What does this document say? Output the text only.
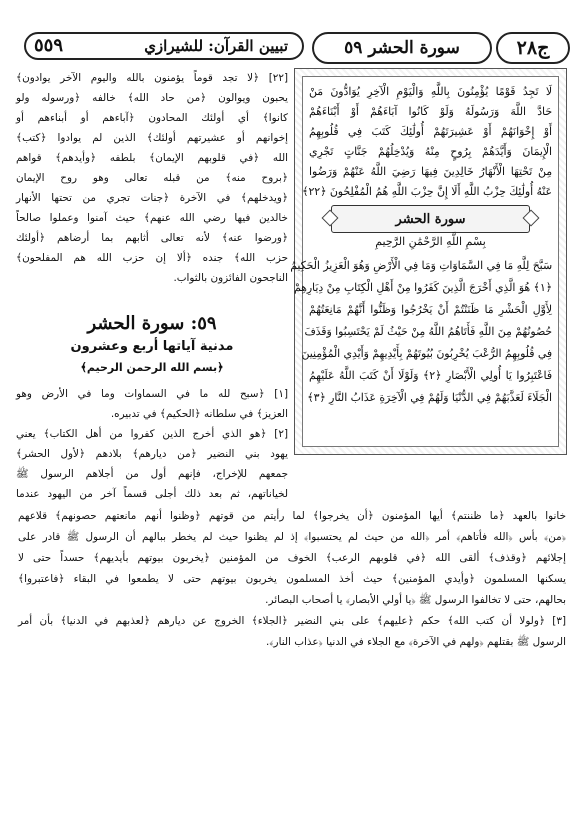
ج٢٨
سورة الحشر ٥٩
تبيين القرآن: للشيرازي
٥٥٩
لَا تَجِدُ قَوْمًا يُؤْمِنُونَ بِاللَّهِ وَالْيَوْمِ الْآخِرِ يُوَادُّونَ مَنْ
حَادَّ اللَّهَ وَرَسُولَهُ وَلَوْ كَانُوا آبَاءَهُمْ أَوْ أَبْنَاءَهُمْ
أَوْ إِخْوَانَهُمْ أَوْ عَشِيرَتَهُمْ أُولَٰئِكَ كَتَبَ فِي قُلُوبِهِمُ
الْإِيمَانَ وَأَيَّدَهُمْ بِرُوحٍ مِنْهُ وَيُدْخِلُهُمْ جَنَّاتٍ تَجْرِي
مِنْ تَحْتِهَا الْأَنْهَارُ خَالِدِينَ فِيهَا رَضِيَ اللَّهُ عَنْهُمْ وَرَضُوا
عَنْهُ أُولَٰئِكَ حِزْبُ اللَّهِ أَلَا إِنَّ حِزْبَ اللَّهِ هُمُ الْمُفْلِحُونَ ﴿٢٢﴾
سورة الحشر
بِسْمِ اللَّهِ الرَّحْمَٰنِ الرَّحِيمِ
سَبَّحَ لِلَّهِ مَا فِي السَّمَاوَاتِ وَمَا فِي الْأَرْضِ وَهُوَ الْعَزِيزُ الْحَكِيمُ
﴿١﴾ هُوَ الَّذِي أَخْرَجَ الَّذِينَ كَفَرُوا مِنْ أَهْلِ الْكِتَابِ مِنْ دِيَارِهِمْ
لِأَوَّلِ الْحَشْرِ مَا ظَنَنْتُمْ أَنْ يَخْرُجُوا وَظَنُّوا أَنَّهُمْ مَانِعَتُهُمْ
حُصُونُهُمْ مِنَ اللَّهِ فَأَتَاهُمُ اللَّهُ مِنْ حَيْثُ لَمْ يَحْتَسِبُوا وَقَذَفَ
فِي قُلُوبِهِمُ الرُّعْبَ يُخْرِبُونَ بُيُوتَهُمْ بِأَيْدِيهِمْ وَأَيْدِي الْمُؤْمِنِينَ
فَاعْتَبِرُوا يَا أُولِي الْأَبْصَارِ ﴿٢﴾ وَلَوْلَا أَنْ كَتَبَ اللَّهُ عَلَيْهِمُ
الْجَلَاءَ لَعَذَّبَهُمْ فِي الدُّنْيَا وَلَهُمْ فِي الْآخِرَةِ عَذَابُ النَّارِ ﴿٣﴾
[٢٢] ﴿لا تجد قوماً يؤمنون بالله واليوم الآخر يوادون﴾
يحبون ويوالون ﴿من حاد الله﴾ خالفه ﴿ورسوله ولو
كانوا﴾ أي أولئك المحادون ﴿آباءهم أو أبناءهم أو
إخوانهم أو عشيرتهم أولئك﴾ الذين لم يوادوا ﴿كتب﴾
الله ﴿في قلوبهم الإيمان﴾ بلطفه ﴿وأيدهم﴾ قواهم
﴿بروح منه﴾ من قبله تعالى وهو روح الإيمان
﴿ويدخلهم﴾ في الآخرة ﴿جنات تجري من تحتها الأنهار
خالدين فيها رضي الله عنهم﴾ حيث آمنوا وعملوا صالحاً
﴿ورضوا عنه﴾ لأنه تعالى أثابهم بما أرضاهم ﴿أولئك
حزب الله﴾ جنده ﴿ألا إن حزب الله هم المفلحون﴾
الناجحون الفائزون بالثواب.
٥٩: سورة الحشر
مدنية آياتها أربع وعشرون
﴿بسم الله الرحمن الرحيم﴾
[١] ﴿سبح لله ما في السماوات وما في الأرض وهو
العزيز﴾ في سلطانه ﴿الحكيم﴾ في تدبيره.
[٢] ﴿هو الذي أخرج الذين كفروا من أهل الكتاب﴾ يعني
يهود بني النضير ﴿من ديارهم﴾ بلادهم ﴿لأول الحشر﴾
جمعهم للإخراج، فإنهم أول من أجلاهم الرسول ﷺ
لخياناتهم، ثم بعد ذلك أجلى قسماً آخر من اليهود عندما
خانوا بالعهد ﴿ما ظننتم﴾ أيها المؤمنون ﴿أن يخرجوا﴾ لما رأيتم من قوتهم ﴿وظنوا أنهم مانعتهم حصونهم﴾ قلاعهم
﴿من﴾ بأس ﴿الله فأتاهم﴾ أمر ﴿الله من حيث لم يحتسبوا﴾ إذ لم يظنوا حيث لم يخطر ببالهم أن الرسول ﷺ قادر على
إجلائهم ﴿وقذف﴾ ألقى الله ﴿في قلوبهم الرعب﴾ الخوف من المؤمنين ﴿يخربون بيوتهم بأيديهم﴾ حسداً حتى لا
يسكنها المسلمون ﴿وأيدي المؤمنين﴾ حيث أخذ المسلمون يخربون بيوتهم حتى لا يطمعوا في البقاء ﴿فاعتبروا﴾
بحالهم، حتى لا تخالفوا الرسول ﷺ ﴿يا أولي الأبصار﴾ يا أصحاب البصائر.
[٣] ﴿ولولا أن كتب الله﴾ حكم ﴿عليهم﴾ على بني النضير ﴿الجلاء﴾ الخروج عن ديارهم ﴿لعذبهم في الدنيا﴾ بأن أمر
الرسول ﷺ بقتلهم ﴿ولهم في الآخرة﴾ مع الجلاء في الدنيا ﴿عذاب النار﴾.
